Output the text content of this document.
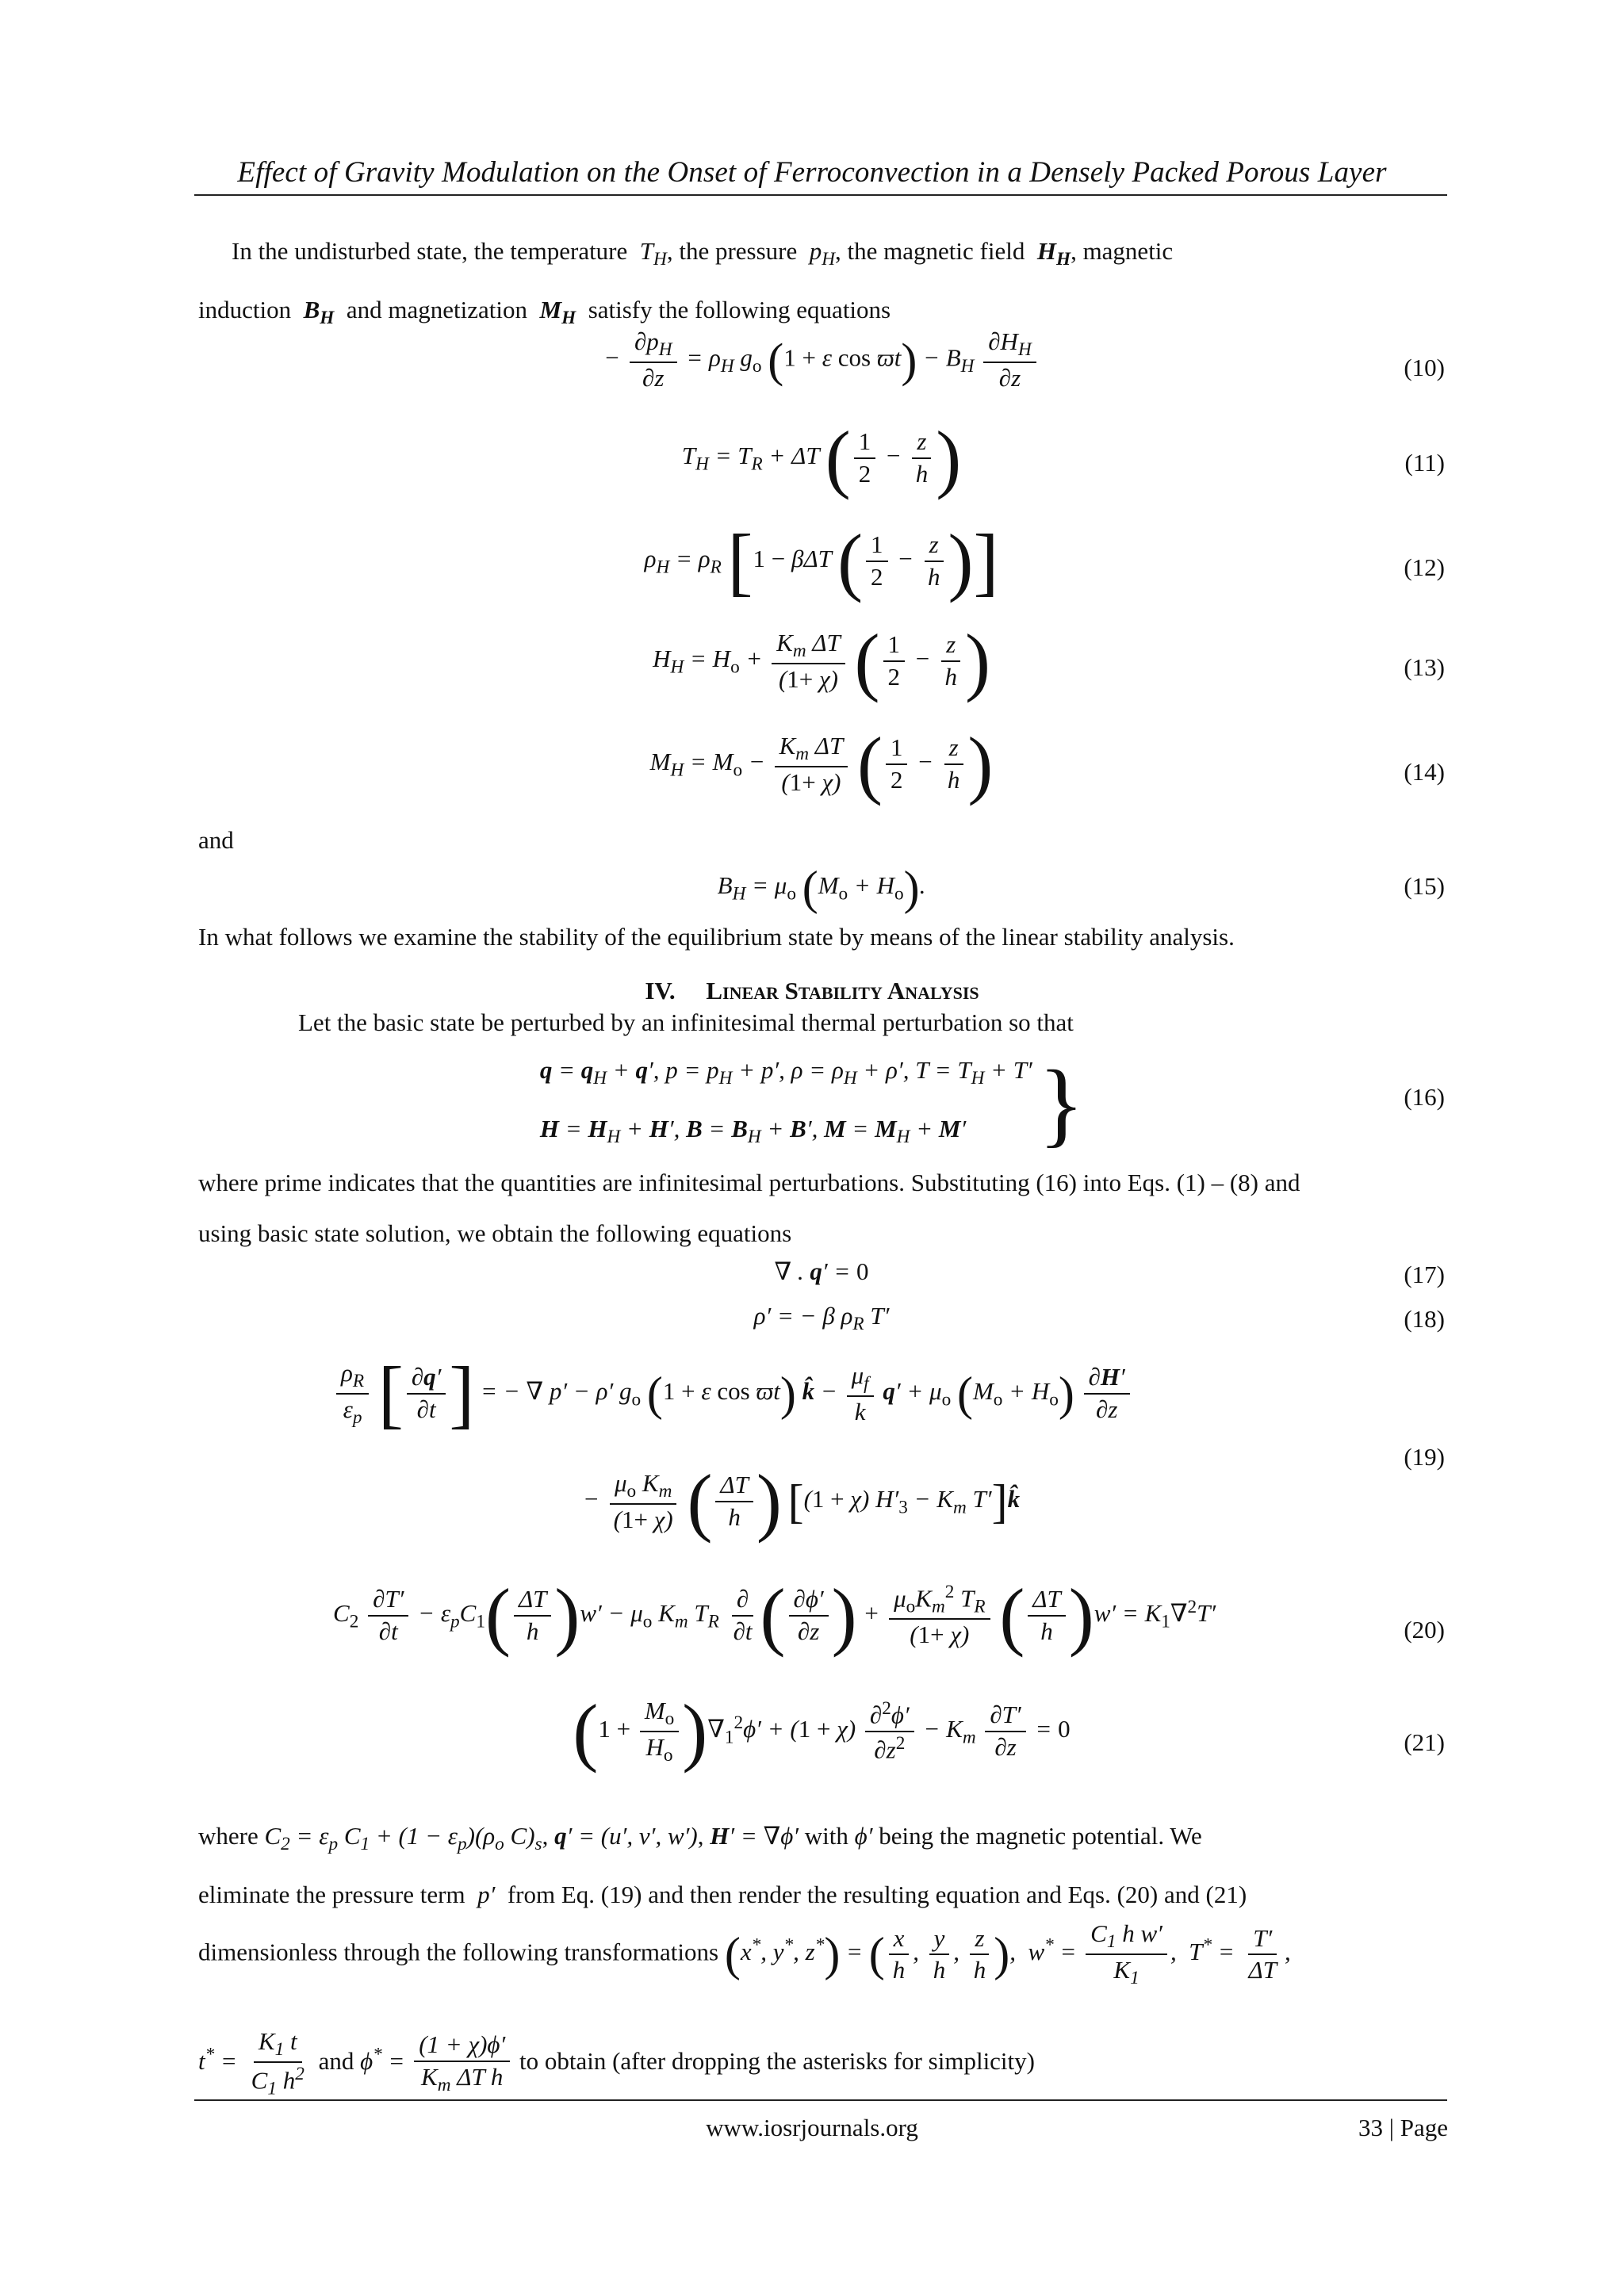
Effect of Gravity Modulation on the Onset of Ferroconvection in a Densely Packed Porous Layer
In the undisturbed state, the temperature  $T_H$, the pressure  $p_H$, the magnetic field  $H_H$, magnetic
induction  $B_H$ and magnetization  $M_H$ satisfy the following equations
− $\frac{\partial p_H}{\partial z} = \rho_H$ $g_o$ (1 + ε $\cos ϖt) - B_H \frac{\partial H_H}{\partial z}$	(10)
$T_H = T_R + \Delta T$ ( $\frac{1}{2} - \frac{z}{h}$ )	(11)
$\rho_H = \rho_R$ [1 − βΔT ( $\frac{1}{2} - \frac{z}{h}$ )]	(12)
$H_H = H_o + \frac{K_m \Delta T}{(1+ \chi)}$ ( $\frac{1}{2} - \frac{z}{h}$ )	(13)
$M_H = M_o - \frac{K_m \Delta T}{(1+ \chi)}$ ( $\frac{1}{2} - \frac{z}{h}$ )	(14)
and
$B_H = \mu_o$ $(M_o + H_o)$.	(15)
In what follows we examine the stability of the equilibrium state by means of the linear stability analysis.
IV. Linear Stability Analysis
Let the basic state be perturbed by an infinitesimal thermal perturbation so that
$q = q_H + q'$, $p = p_H + p'$, $\rho = \rho_H + \rho'$, $T = T_H + T'$
$H = H_H + H'$, $B = B_H + B'$, $M = M_H + M'$ }	(16)
where prime indicates that the quantities are infinitesimal perturbations. Substituting (16) into Eqs. (1) – (8) and
using basic state solution, we obtain the following equations
∇ . q′ = 0	(17)
ρ′ = − β $\rho_R$ T′	(18)
$\frac{\rho_R}{\varepsilon_p}$ [ $\frac{\partial q'}{\partial t}$ ] = − ∇ p′ − ρ′ $g_o$ (1 + ε cos ϖt) k̂ − $\frac{\mu_f}{k} q' + \mu_o$ $(M_o + H_o) \frac{\partial H'}{\partial z}$
− $\frac{\mu_o K_m}{(1+ \chi)}$ ( $\frac{\Delta T}{h}$ ) [(1 + χ) $H'_3 - K_m$ T′]k̂
(19)
$C_2 \frac{\partial T'}{\partial t} - \varepsilon_pC_1( \frac{\Delta T}{h} )w' - \mu_o$ $K_m$ $T_R \frac{\partial}{\partial t}$ ( $\frac{\partial\phi'}{\partial z}$ ) + $\frac{\mu_oK_m^2 T_R}{(1+ \chi)}$ ( $\frac{\Delta T}{h} )w' = K_1\nabla^2T'$
(20)
$(1 + \frac{M_o}{H_o} )\nabla_1^2\phi' + (1 + \chi) \frac{\partial^2\phi'}{\partial z^2} - K_m \frac{\partial T'}{\partial z} = 0$	(21)
where $C_2 = \varepsilon_p$ $C_1 + (1 - \varepsilon_p)(\rho_o$ $C)_s$, q′ = (u′, v′, w′), H′ = ∇ϕ′ with ϕ′ being the magnetic potential. We
eliminate the pressure term  p′  from Eq. (19) and then render the resulting equation and Eqs. (20) and (21)
dimensionless through the following transformations (x*, y*, z*) = ( $\frac{x}{h}$ , $\frac{y}{h}$ , $\frac{z}{h}$ ),  $w^* = \frac{C_1 h w'}{K_1}$ ,  $T^* = \frac{T'}{\Delta T}$ ,
$t^* = \frac{K_1 t}{C_1 h^2}$ and $\phi^* = \frac{(1 + \chi)\phi'}{K_m \Delta T h}$ to obtain (after dropping the asterisks for simplicity)
www.iosrjournals.org	33 | Page
